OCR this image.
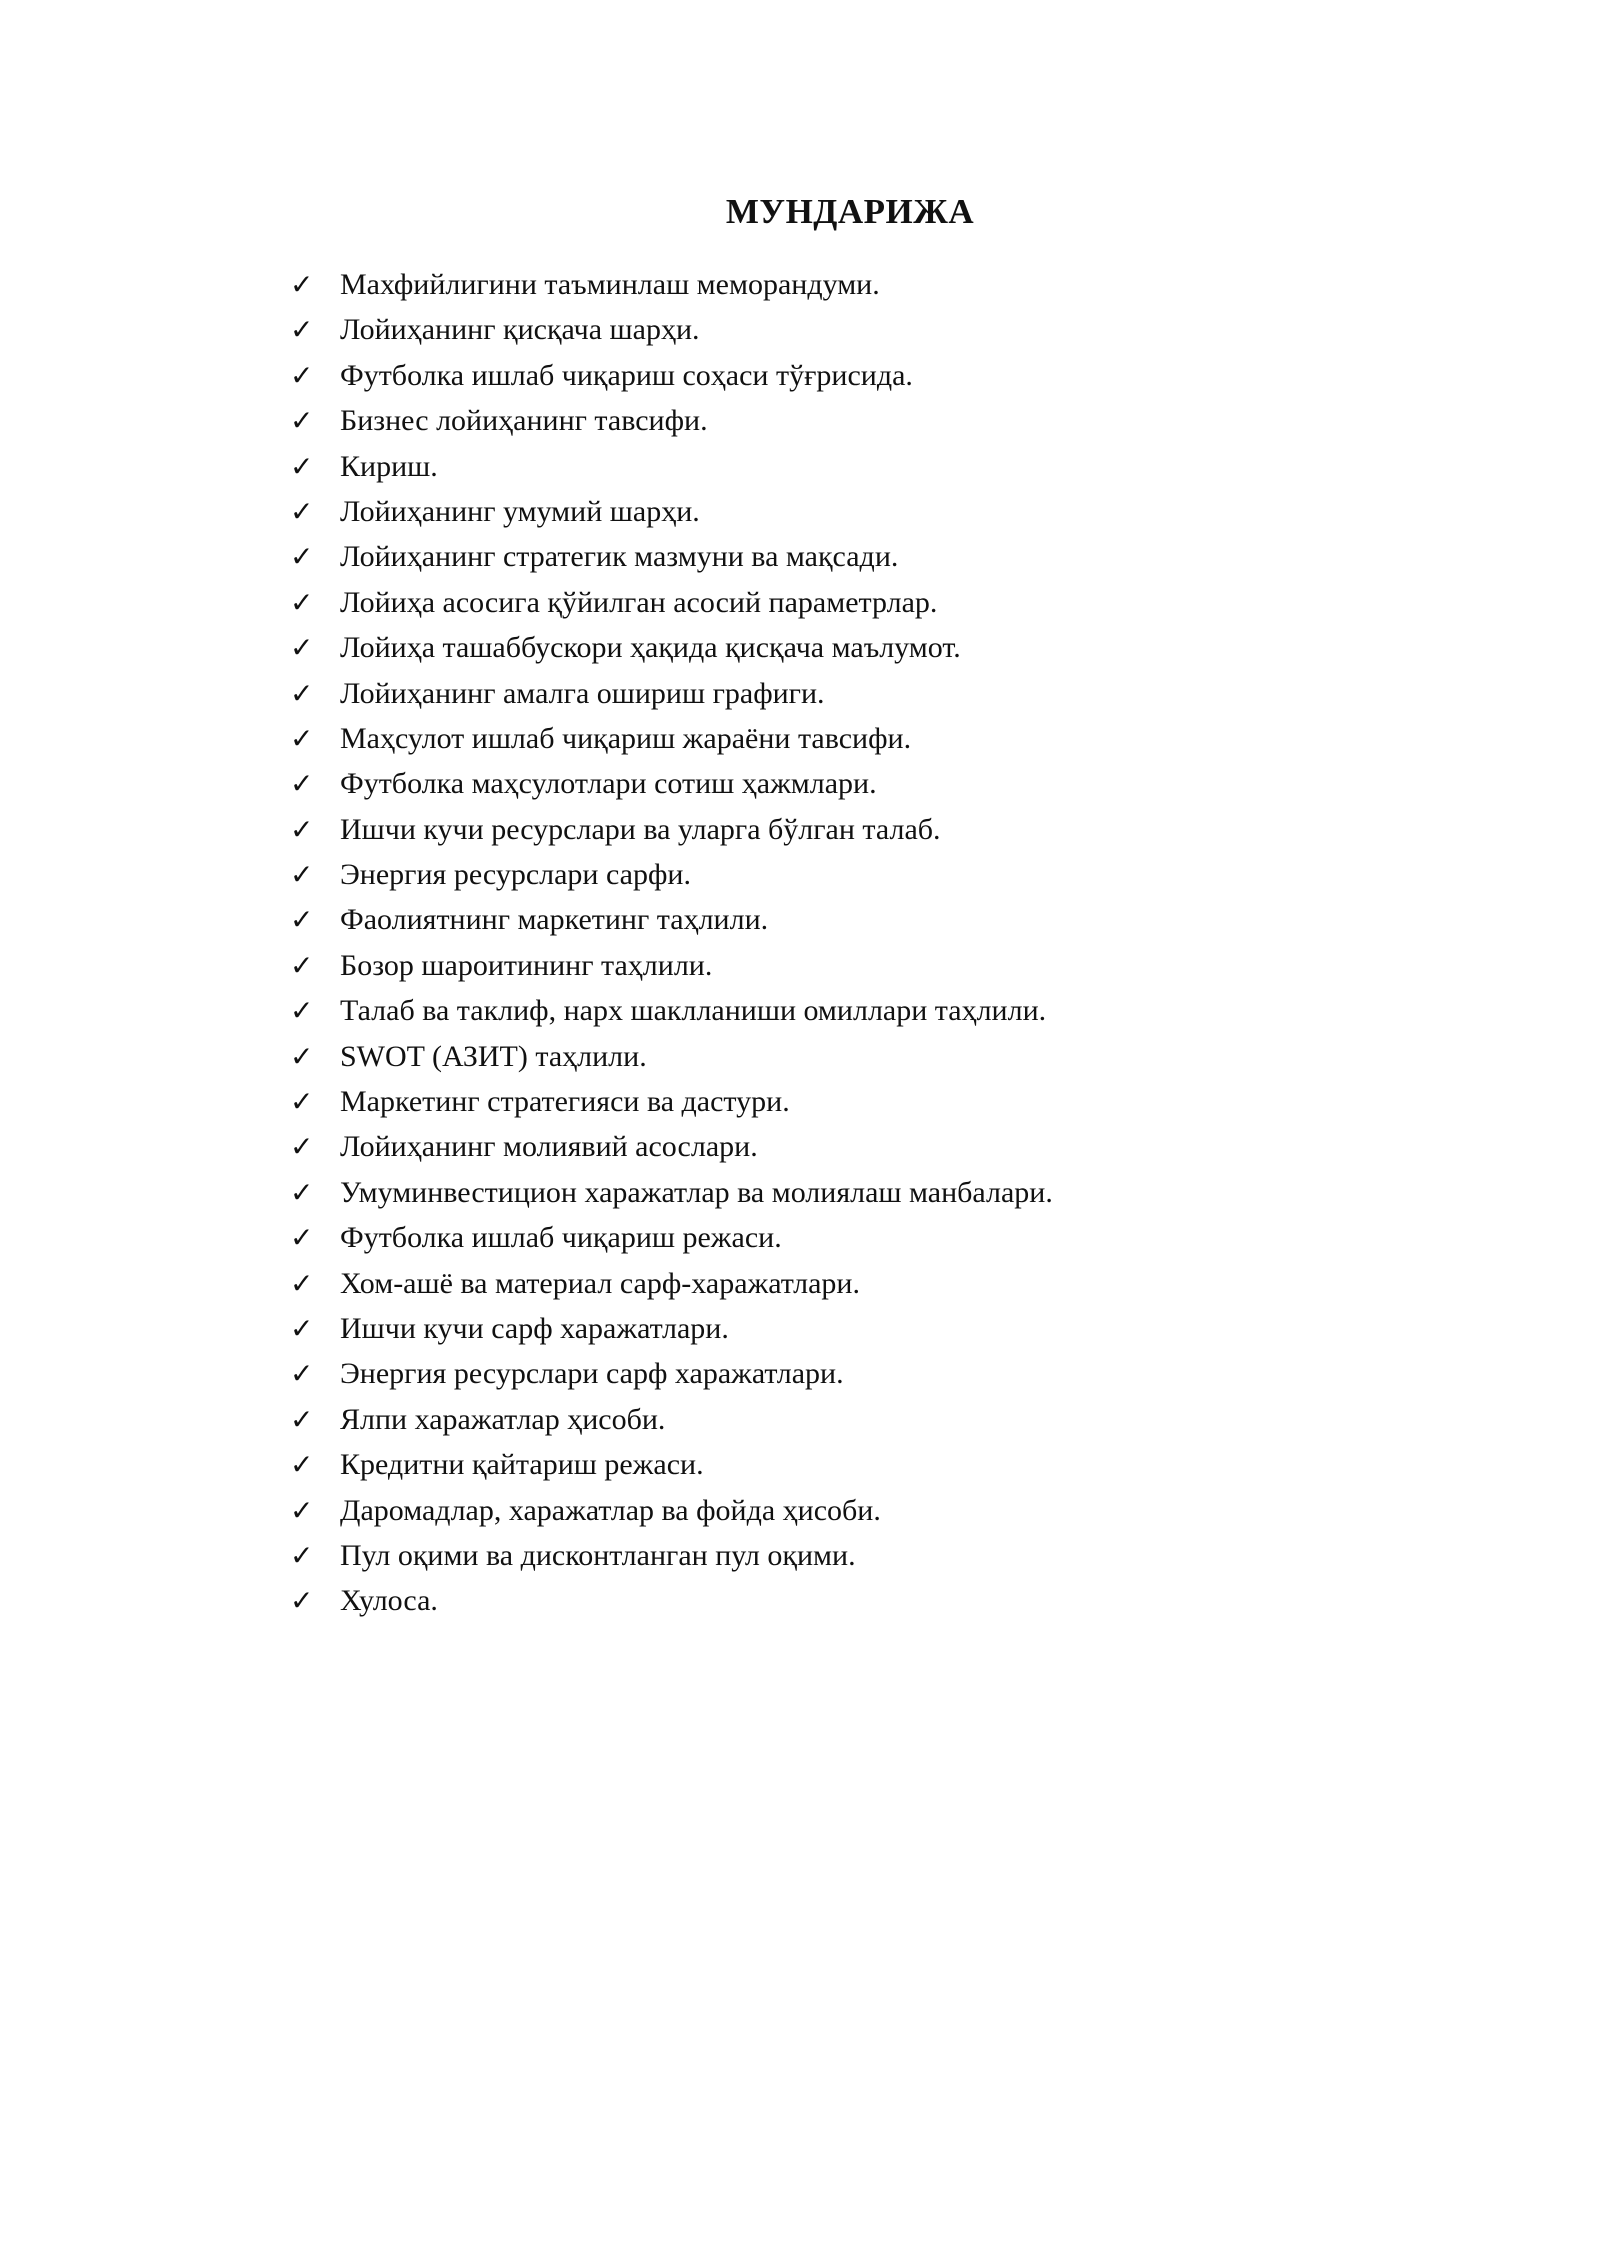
МУНДАРИЖА
✓ Махфийлигини таъминлаш меморандуми.
✓ Лойиҳанинг қисқача шарҳи.
✓ Футболка ишлаб чиқариш соҳаси тўғрисида.
✓ Бизнес лойиҳанинг тавсифи.
✓ Кириш.
✓ Лойиҳанинг умумий шарҳи.
✓ Лойиҳанинг стратегик мазмуни ва мақсади.
✓ Лойиҳа асосига қўйилган асосий параметрлар.
✓ Лойиҳа ташаббускори ҳақида қисқача маълумот.
✓ Лойиҳанинг амалга ошириш графиги.
✓ Маҳсулот ишлаб чиқариш жараёни тавсифи.
✓ Футболка маҳсулотлари сотиш ҳажмлари.
✓ Ишчи кучи ресурслари ва уларга бўлган талаб.
✓ Энергия ресурслари сарфи.
✓ Фаолиятнинг маркетинг таҳлили.
✓ Бозор шароитининг таҳлили.
✓ Талаб ва таклиф, нарх шаклланиши омиллари таҳлили.
✓ SWOT (АЗИТ) таҳлили.
✓ Маркетинг стратегияси ва дастури.
✓ Лойиҳанинг молиявий асослари.
✓ Умуминвестицион харажатлар ва молиялаш манбалари.
✓ Футболка ишлаб чиқариш режаси.
✓ Хом-ашё ва материал сарф-харажатлари.
✓ Ишчи кучи сарф харажатлари.
✓ Энергия ресурслари сарф харажатлари.
✓ Ялпи харажатлар ҳисоби.
✓ Кредитни қайтариш режаси.
✓ Даромадлар, харажатлар ва фойда ҳисоби.
✓ Пул оқими ва дисконтланган пул оқими.
✓ Хулоса.
